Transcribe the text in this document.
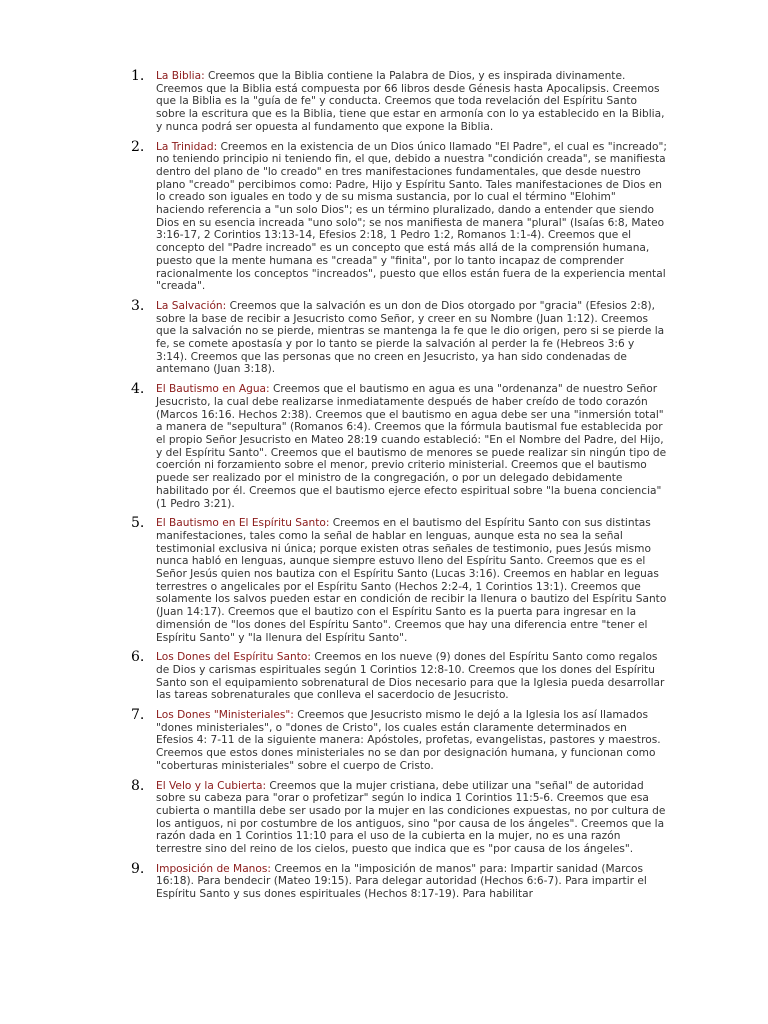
1. La Biblia: Creemos que la Biblia contiene la Palabra de Dios, y es inspirada divinamente. Creemos que la Biblia está compuesta por 66 libros desde Génesis hasta Apocalipsis. Creemos que la Biblia es la "guía de fe" y conducta. Creemos que toda revelación del Espíritu Santo sobre la escritura que es la Biblia, tiene que estar en armonía con lo ya establecido en la Biblia, y nunca podrá ser opuesta al fundamento que expone la Biblia.

2. La Trinidad: Creemos en la existencia de un Dios único llamado "El Padre", el cual es "increado"; no teniendo principio ni teniendo fin, el que, debido a nuestra "condición creada", se manifiesta dentro del plano de "lo creado" en tres manifestaciones fundamentales, que desde nuestro plano "creado" percibimos como: Padre, Hijo y Espíritu Santo. Tales manifestaciones de Dios en lo creado son iguales en todo y de su misma sustancia, por lo cual el término "Elohim" haciendo referencia a "un solo Dios"; es un término pluralizado, dando a entender que siendo Dios en su esencia increada "uno solo"; se nos manifiesta de manera "plural" (Isaías 6:8, Mateo 3:16-17, 2 Corintios 13:13-14, Efesios 2:18, 1 Pedro 1:2, Romanos 1:1-4). Creemos que el concepto del "Padre increado" es un concepto que está más allá de la comprensión humana, puesto que la mente humana es "creada" y "finita", por lo tanto incapaz de comprender racionalmente los conceptos "increados", puesto que ellos están fuera de la experiencia mental "creada".

3. La Salvación: Creemos que la salvación es un don de Dios otorgado por "gracia" (Efesios 2:8), sobre la base de recibir a Jesucristo como Señor, y creer en su Nombre (Juan 1:12). Creemos que la salvación no se pierde, mientras se mantenga la fe que le dio origen, pero si se pierde la fe, se comete apostasía y por lo tanto se pierde la salvación al perder la fe (Hebreos 3:6 y 3:14). Creemos que las personas que no creen en Jesucristo, ya han sido condenadas de antemano (Juan 3:18).

4. El Bautismo en Agua: Creemos que el bautismo en agua es una "ordenanza" de nuestro Señor Jesucristo, la cual debe realizarse inmediatamente después de haber creído de todo corazón (Marcos 16:16. Hechos 2:38). Creemos que el bautismo en agua debe ser una "inmersión total" a manera de "sepultura" (Romanos 6:4). Creemos que la fórmula bautismal fue establecida por el propio Señor Jesucristo en Mateo 28:19 cuando estableció: "En el Nombre del Padre, del Hijo, y del Espíritu Santo". Creemos que el bautismo de menores se puede realizar sin ningún tipo de coerción ni forzamiento sobre el menor, previo criterio ministerial. Creemos que el bautismo puede ser realizado por el ministro de la congregación, o por un delegado debidamente habilitado por él. Creemos que el bautismo ejerce efecto espiritual sobre "la buena conciencia" (1 Pedro 3:21).

5. El Bautismo en El Espíritu Santo: Creemos en el bautismo del Espíritu Santo con sus distintas manifestaciones, tales como la señal de hablar en lenguas, aunque esta no sea la señal testimonial exclusiva ni única; porque existen otras señales de testimonio, pues Jesús mismo nunca habló en lenguas, aunque siempre estuvo lleno del Espíritu Santo. Creemos que es el Señor Jesús quien nos bautiza con el Espíritu Santo (Lucas 3:16). Creemos en hablar en leguas terrestres o angelicales por el Espíritu Santo (Hechos 2:2-4, 1 Corintios 13:1). Creemos que solamente los salvos pueden estar en condición de recibir la llenura o bautizo del Espíritu Santo (Juan 14:17). Creemos que el bautizo con el Espíritu Santo es la puerta para ingresar en la dimensión de "los dones del Espíritu Santo". Creemos que hay una diferencia entre "tener el Espíritu Santo" y "la llenura del Espíritu Santo".

6. Los Dones del Espíritu Santo: Creemos en los nueve (9) dones del Espíritu Santo como regalos de Dios y carismas espirituales según 1 Corintios 12:8-10. Creemos que los dones del Espíritu Santo son el equipamiento sobrenatural de Dios necesario para que la Iglesia pueda desarrollar las tareas sobrenaturales que conlleva el sacerdocio de Jesucristo.

7. Los Dones "Ministeriales": Creemos que Jesucristo mismo le dejó a la Iglesia los así llamados "dones ministeriales", o "dones de Cristo", los cuales están claramente determinados en Efesios 4: 7-11 de la siguiente manera: Apóstoles, profetas, evangelistas, pastores y maestros. Creemos que estos dones ministeriales no se dan por designación humana, y funcionan como "coberturas ministeriales" sobre el cuerpo de Cristo.

8. El Velo y la Cubierta: Creemos que la mujer cristiana, debe utilizar una "señal" de autoridad sobre su cabeza para "orar o profetizar" según lo indica 1 Corintios 11:5-6. Creemos que esa cubierta o mantilla debe ser usado por la mujer en las condiciones expuestas, no por cultura de los antiguos, ni por costumbre de los antiguos, sino "por causa de los ángeles". Creemos que la razón dada en 1 Corintios 11:10 para el uso de la cubierta en la mujer, no es una razón terrestre sino del reino de los cielos, puesto que indica que es "por causa de los ángeles".

9. Imposición de Manos: Creemos en la "imposición de manos" para: Impartir sanidad (Marcos 16:18). Para bendecir (Mateo 19:15). Para delegar autoridad (Hechos 6:6-7). Para impartir el Espíritu Santo y sus dones espirituales (Hechos 8:17-19). Para habilitar
